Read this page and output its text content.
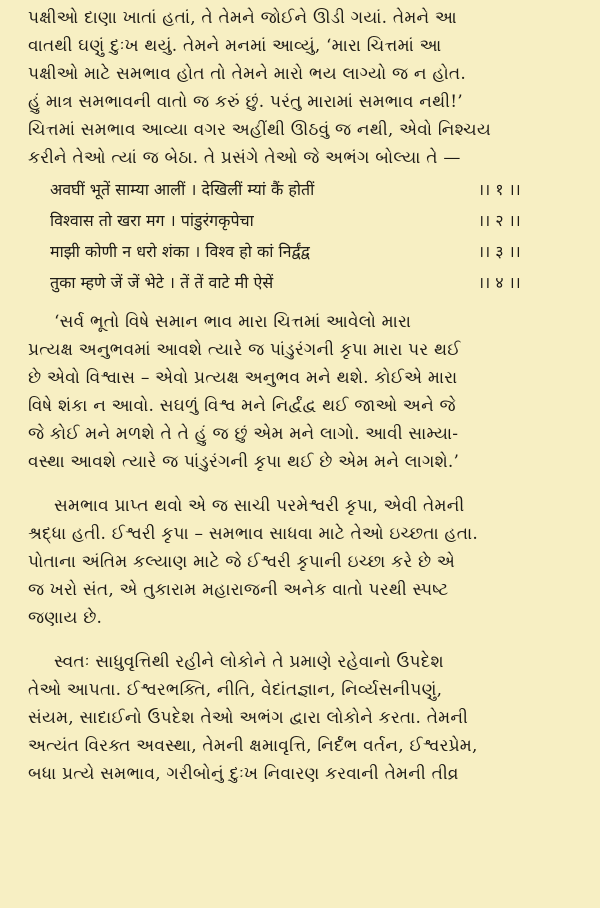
પક્ષીઓ દાણા ખાતાં હતાં, તે તેમને જોઈને ઊડી ગયાં. તેમને આ

વાતથી ઘણું દુઃખ થયું. તેમને મનમાં આવ્યું, ‘મારા ચિત્તમાં આ

પક્ષીઓ માટે સમભાવ હોત તો તેમને મારો ભય લાગ્યો જ ન હોત.

હું માત્ર સમભાવની વાતો જ કરું છું. પરંતુ મારામાં સમભાવ નથી!’

ચિત્તમાં સમભાવ આવ્યા વગર અહીંથી ઊઠવું જ નથી, એવો નિશ્ચય

કરીને તેઓ ત્યાં જ બેઠા. તે પ્રસંગે તેઓ જે અભંગ બોલ્યા તે —

अवघीं भूतें साम्या आलीं । देखिलीं म्यां कैं होतीं	।। १ ।।
विश्वास तो खरा मग । पांडुरंगकृपेचा	।। २ ।।
माझी कोणी न धरो शंका । विश्व हो कां निर्द्वंद्व	।। ३ ।।
तुका म्हणे जें जें भेटे । तें तें वाटे मी ऐसें	।। ४ ।।

‘સર્વ ભૂતો વિષે સમાન ભાવ મારા ચિત્તમાં આવેલો મારા

પ્રત્યક્ષ અનુભવમાં આવશે ત્યારે જ પાંડુરંગની કૃપા મારા પર થઈ

છે એવો વિશ્વાસ – એવો પ્રત્યક્ષ અનુભવ મને થશે. કોઈએ મારા

વિષે શંકા ન આવો. સઘળું વિશ્વ મને નિર્દ્વંદ્વ થઈ જાઓ અને જે

જે કોઈ મને મળશે તે તે હું જ છું એમ મને લાગો. આવી સામ્યા-

વસ્થા આવશે ત્યારે જ પાંડુરંગની કૃપા થઈ છે એમ મને લાગશે.’

સમભાવ પ્રાપ્ત થવો એ જ સાચી પરમેશ્વરી કૃપા, એવી તેમની

શ્રદ્ધા હતી. ઈશ્વરી કૃપા – સમભાવ સાધવા માટે તેઓ ઇચ્છતા હતા.

પોતાના અંતિમ કલ્યાણ માટે જે ઈશ્વરી કૃપાની ઇચ્છા કરે છે એ

જ ખરો સંત, એ તુકારામ મહારાજની અનેક વાતો પરથી સ્પષ્ટ

જણાય છે.

સ્વતઃ સાધુવૃત્તિથી રહીને લોકોને તે પ્રમાણે રહેવાનો ઉપદેશ

તેઓ આપતા. ઈશ્વરભક્તિ, નીતિ, વેદાંતજ્ઞાન, નિર્વ્યસનીપણું,

સંયમ, સાદાઈનો ઉપદેશ તેઓ અભંગ દ્વારા લોકોને કરતા. તેમની

અત્યંત વિરક્ત અવસ્થા, તેમની ક્ષમાવૃત્તિ, નિર્દંભ વર્તન, ઈશ્વરપ્રેમ,

બધા પ્રત્યે સમભાવ, ગરીબોનું દુઃખ નિવારણ કરવાની તેમની તીવ્ર
